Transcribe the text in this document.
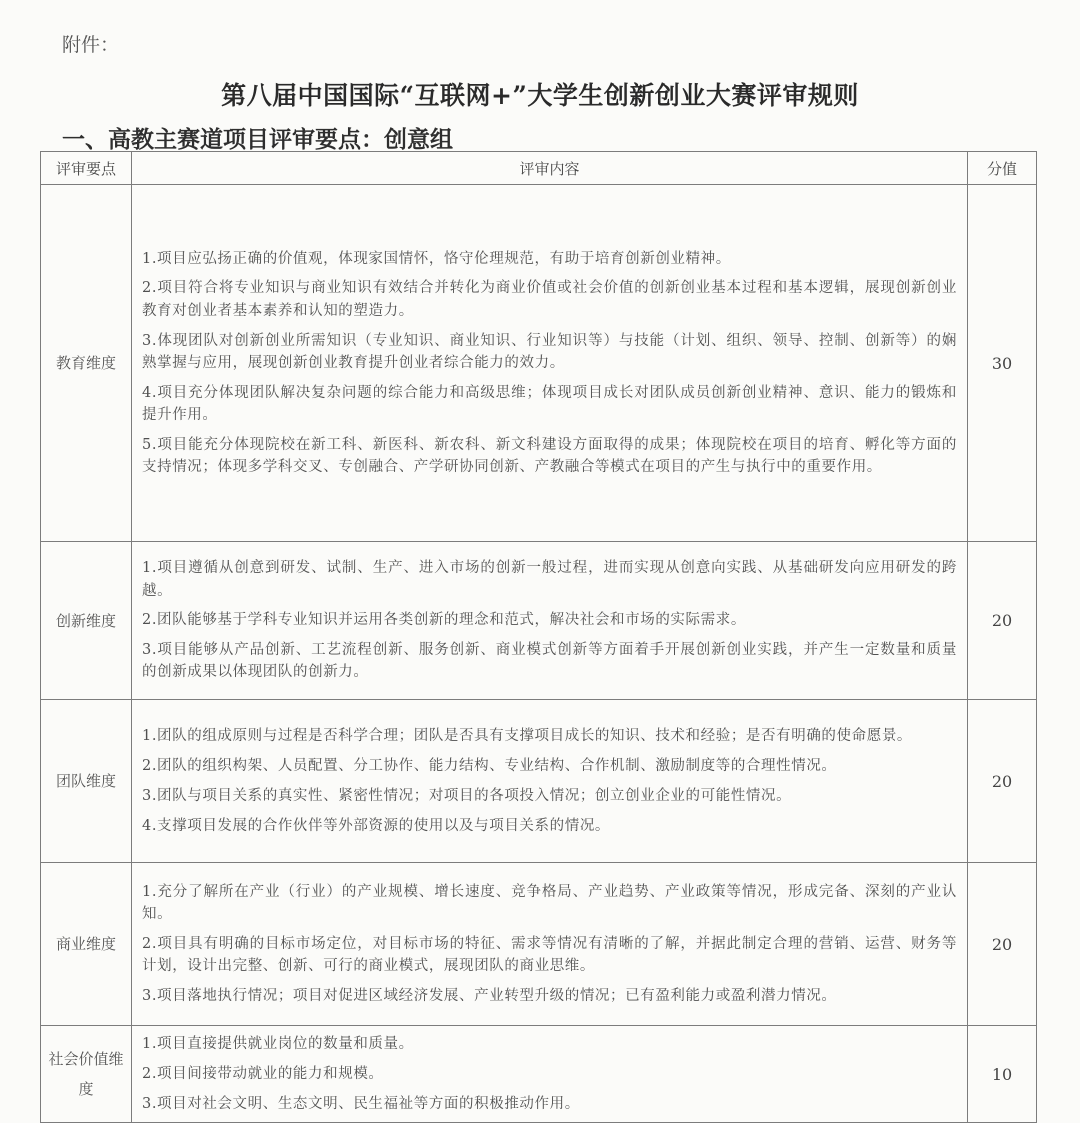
附件：
第八届中国国际“互联网+”大学生创新创业大赛评审规则
一、高教主赛道项目评审要点：创意组
评审要点	评审内容	分值
教育维度	1.项目应弘扬正确的价值观，体现家国情怀，恪守伦理规范，有助于培育创新创业精神。
2.项目符合将专业知识与商业知识有效结合并转化为商业价值或社会价值的创新创业基本过程和基本逻辑，展现创新创业教育对创业者基本素养和认知的塑造力。
3.体现团队对创新创业所需知识（专业知识、商业知识、行业知识等）与技能（计划、组织、领导、控制、创新等）的娴熟掌握与应用，展现创新创业教育提升创业者综合能力的效力。
4.项目充分体现团队解决复杂问题的综合能力和高级思维；体现项目成长对团队成员创新创业精神、意识、能力的锻炼和提升作用。
5.项目能充分体现院校在新工科、新医科、新农科、新文科建设方面取得的成果；体现院校在项目的培育、孵化等方面的支持情况；体现多学科交叉、专创融合、产学研协同创新、产教融合等模式在项目的产生与执行中的重要作用。	30
创新维度	1.项目遵循从创意到研发、试制、生产、进入市场的创新一般过程，进而实现从创意向实践、从基础研发向应用研发的跨越。
2.团队能够基于学科专业知识并运用各类创新的理念和范式，解决社会和市场的实际需求。
3.项目能够从产品创新、工艺流程创新、服务创新、商业模式创新等方面着手开展创新创业实践，并产生一定数量和质量的创新成果以体现团队的创新力。	20
团队维度	1.团队的组成原则与过程是否科学合理；团队是否具有支撑项目成长的知识、技术和经验；是否有明确的使命愿景。
2.团队的组织构架、人员配置、分工协作、能力结构、专业结构、合作机制、激励制度等的合理性情况。
3.团队与项目关系的真实性、紧密性情况；对项目的各项投入情况；创立创业企业的可能性情况。
4.支撑项目发展的合作伙伴等外部资源的使用以及与项目关系的情况。	20
商业维度	1.充分了解所在产业（行业）的产业规模、增长速度、竞争格局、产业趋势、产业政策等情况，形成完备、深刻的产业认知。
2.项目具有明确的目标市场定位，对目标市场的特征、需求等情况有清晰的了解，并据此制定合理的营销、运营、财务等计划，设计出完整、创新、可行的商业模式，展现团队的商业思维。
3.项目落地执行情况；项目对促进区域经济发展、产业转型升级的情况；已有盈利能力或盈利潜力情况。	20
社会价值维度	1.项目直接提供就业岗位的数量和质量。
2.项目间接带动就业的能力和规模。
3.项目对社会文明、生态文明、民生福祉等方面的积极推动作用。	10
